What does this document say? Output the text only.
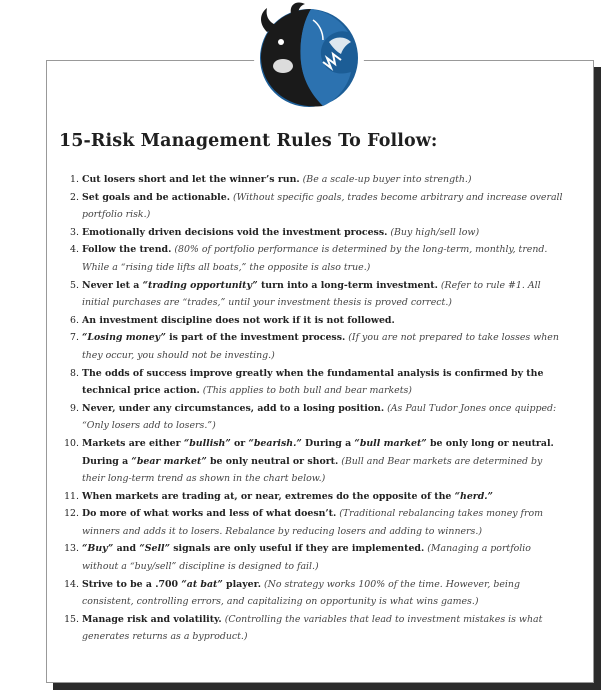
15-Risk Management Rules To Follow:
1. Cut losers short and let the winner’s run. (Be a scale-up buyer into strength.)
2. Set goals and be actionable. (Without specific goals, trades become arbitrary and increase overall portfolio risk.)
3. Emotionally driven decisions void the investment process. (Buy high/sell low)
4. Follow the trend. (80% of portfolio performance is determined by the long-term, monthly, trend. While a “rising tide lifts all boats,” the opposite is also true.)
5. Never let a “trading opportunity” turn into a long-term investment. (Refer to rule #1. All initial purchases are “trades,” until your investment thesis is proved correct.)
6. An investment discipline does not work if it is not followed.
7. “Losing money” is part of the investment process. (If you are not prepared to take losses when they occur, you should not be investing.)
8. The odds of success improve greatly when the fundamental analysis is confirmed by the technical price action. (This applies to both bull and bear markets)
9. Never, under any circumstances, add to a losing position. (As Paul Tudor Jones once quipped: “Only losers add to losers.”)
10. Markets are either “bullish” or “bearish.” During a “bull market” be only long or neutral. During a “bear market” be only neutral or short. (Bull and Bear markets are determined by their long-term trend as shown in the chart below.)
11. When markets are trading at, or near, extremes do the opposite of the “herd.”
12. Do more of what works and less of what doesn’t. (Traditional rebalancing takes money from winners and adds it to losers. Rebalance by reducing losers and adding to winners.)
13. “Buy” and “Sell” signals are only useful if they are implemented. (Managing a portfolio without a “buy/sell” discipline is designed to fail.)
14. Strive to be a .700 “at bat” player. (No strategy works 100% of the time. However, being consistent, controlling errors, and capitalizing on opportunity is what wins games.)
15. Manage risk and volatility. (Controlling the variables that lead to investment mistakes is what generates returns as a byproduct.)
